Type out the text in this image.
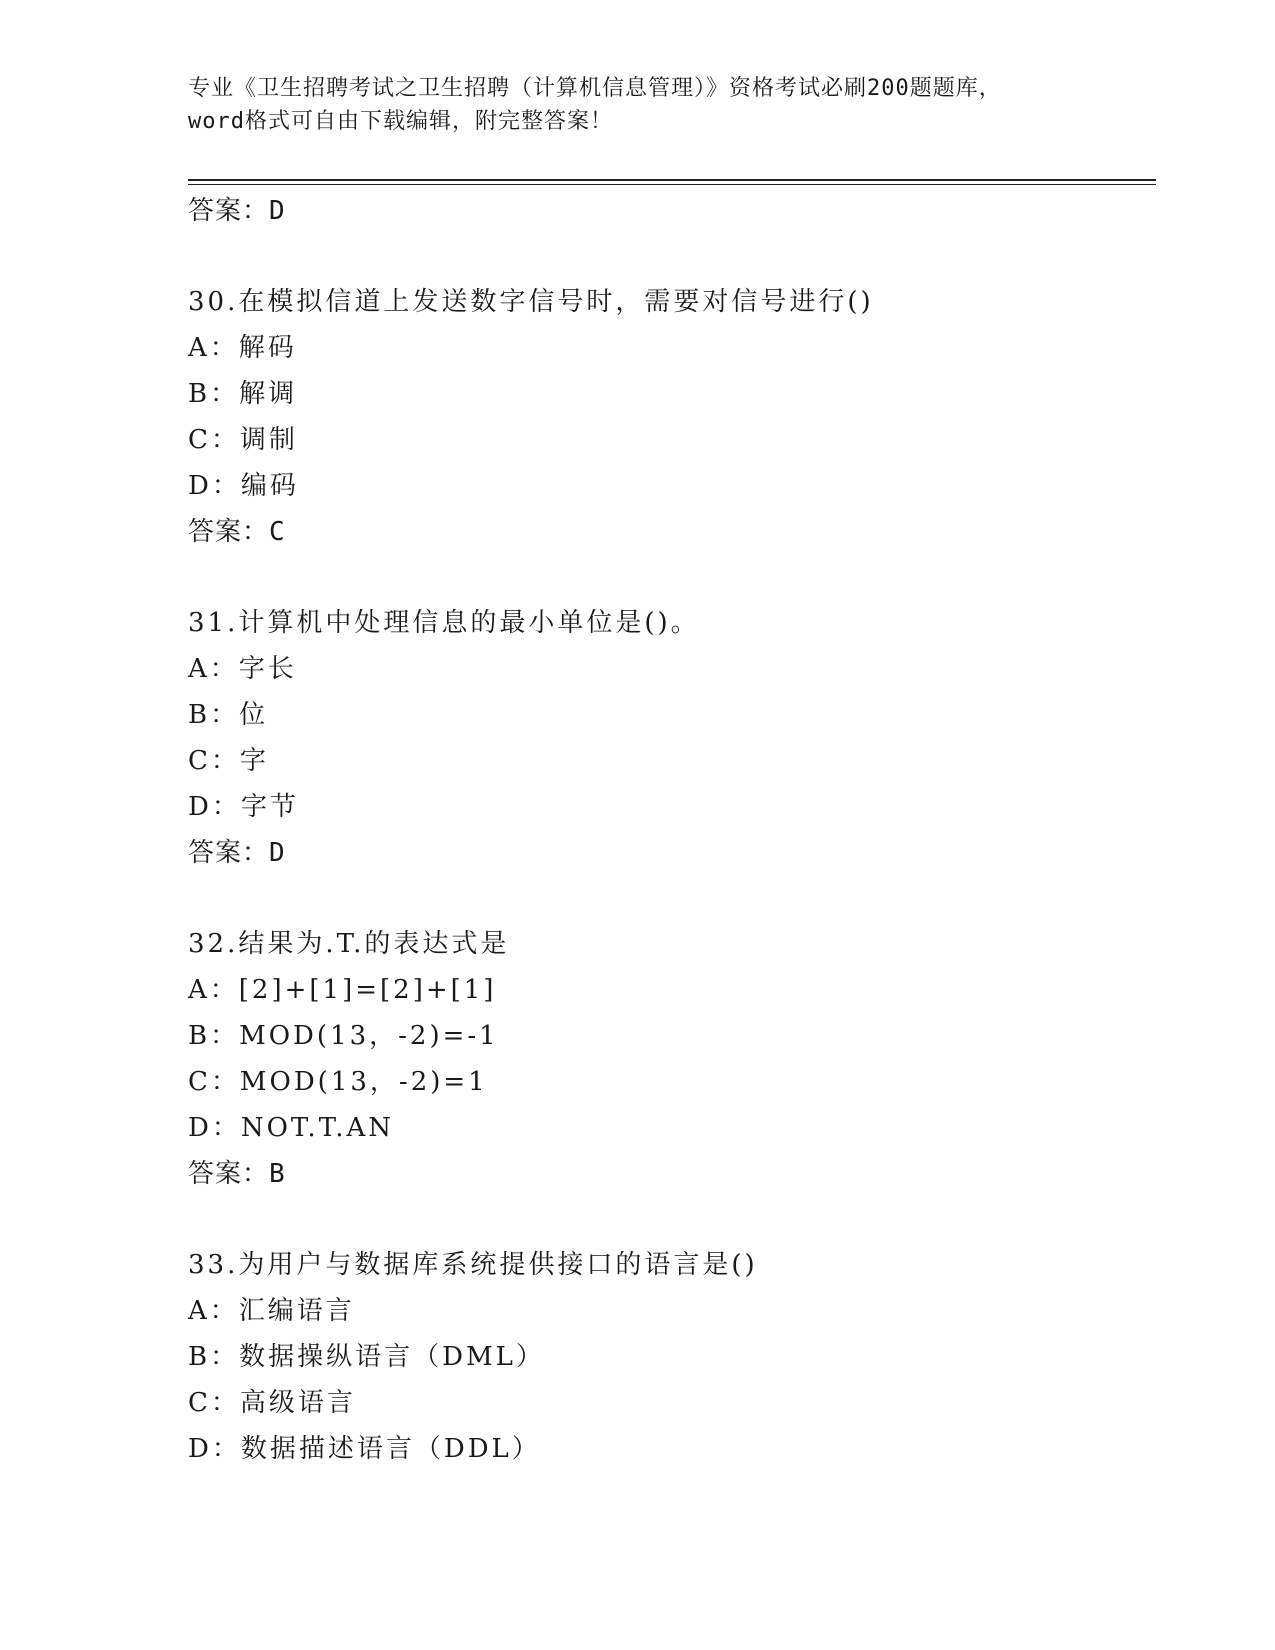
专业《卫生招聘考试之卫生招聘（计算机信息管理）》资格考试必刷200题题库，
word格式可自由下载编辑，附完整答案！
答案：D
30.在模拟信道上发送数字信号时，需要对信号进行()
A：解码
B：解调
C：调制
D：编码
答案：C
31.计算机中处理信息的最小单位是()。
A：字长
B：位
C：字
D：字节
答案：D
32.结果为.T.的表达式是
A：[2]+[1]=[2]+[1]
B：MOD(13，-2)=-1
C：MOD(13，-2)=1
D：NOT.T.AN
答案：B
33.为用户与数据库系统提供接口的语言是()
A：汇编语言
B：数据操纵语言（DML）
C：高级语言
D：数据描述语言（DDL）
